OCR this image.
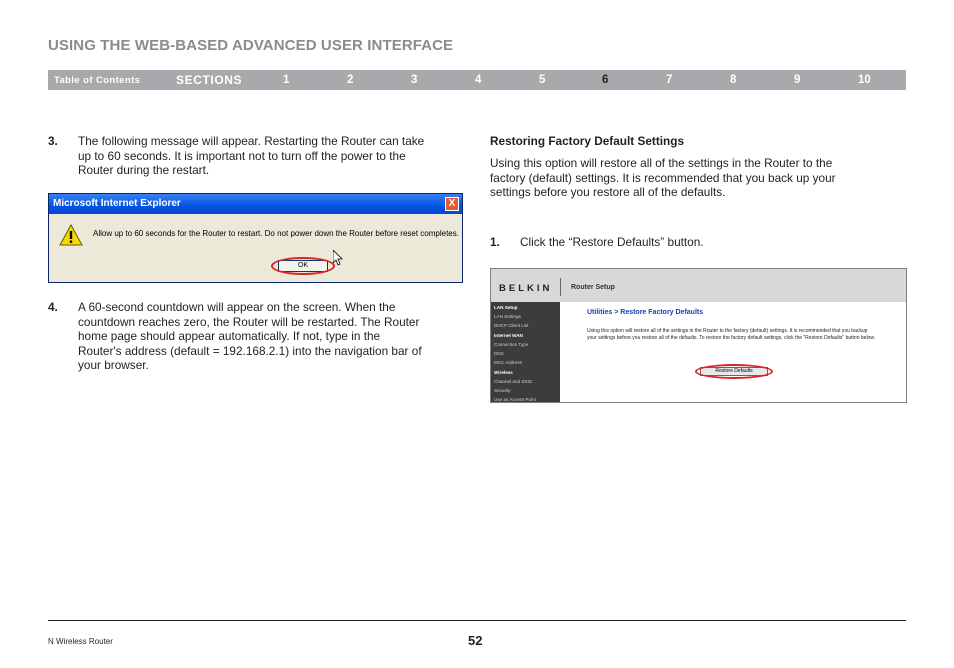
USING THE WEB-BASED ADVANCED USER INTERFACE
Table of Contents	SECTIONS	1	2	3	4	5	6	7	8	9	10
3. The following message will appear. Restarting the Router can take
up to 60 seconds. It is important not to turn off the power to the
Router during the restart.
4. A 60-second countdown will appear on the screen. When the
countdown reaches zero, the Router will be restarted. The Router
home page should appear automatically. If not, type in the
Router's address (default = 192.168.2.1) into the navigation bar of
your browser.
Microsoft Internet Explorer	X
Allow up to 60 seconds for the Router to restart. Do not power down the Router before reset completes.
OK
Restoring Factory Default Settings
Using this option will restore all of the settings in the Router to the
factory (default) settings. It is recommended that you back up your
settings before you restore all of the defaults.
1. Click the “Restore Defaults” button.
BELKIN	Router Setup
LAN Setup
LAN Settings
DHCP Client List
Internet WAN
Connection Type
DNS
MAC Address
Wireless
Channel and SSID
Security
Use as Access Point
Utilities > Restore Factory Defaults
Using this option will restore all of the settings in the Router to the factory (default) settings. It is recommended that you backup your settings before you restore all of the defaults. To restore the factory default settings, click the "Restore Defaults" button below.
Restore Defaults
N Wireless Router	52
